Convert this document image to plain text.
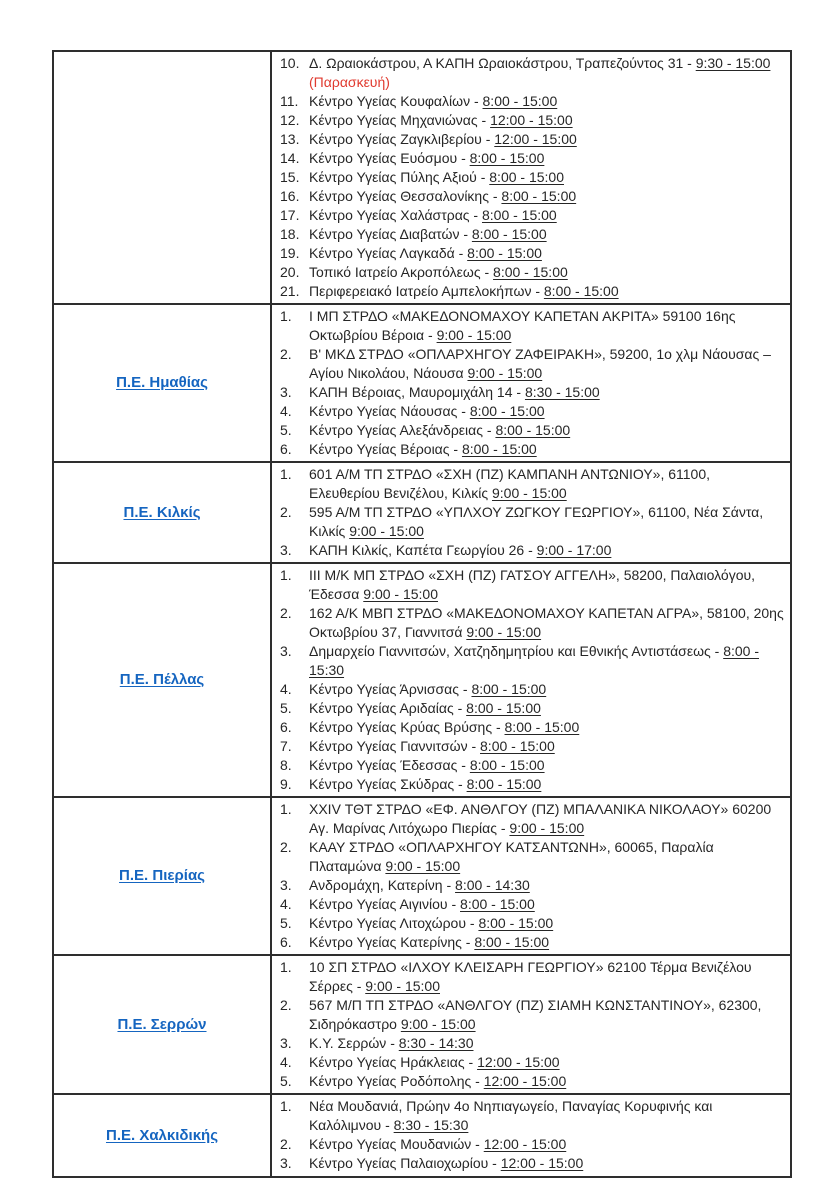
10. Δ. Ωραιοκάστρου, Α ΚΑΠΗ Ωραιοκάστρου, Τραπεζούντος 31 - 9:30 - 15:00
(Παρασκευή)
11. Κέντρο Υγείας Κουφαλίων - 8:00 - 15:00
12. Κέντρο Υγείας Μηχανιώνας - 12:00 - 15:00
13. Κέντρο Υγείας Ζαγκλιβερίου - 12:00 - 15:00
14. Κέντρο Υγείας Ευόσμου - 8:00 - 15:00
15. Κέντρο Υγείας Πύλης Αξιού - 8:00 - 15:00
16. Κέντρο Υγείας Θεσσαλονίκης - 8:00 - 15:00
17. Κέντρο Υγείας Χαλάστρας - 8:00 - 15:00
18. Κέντρο Υγείας Διαβατών - 8:00 - 15:00
19. Κέντρο Υγείας Λαγκαδά - 8:00 - 15:00
20. Τοπικό Ιατρείο Ακροπόλεως - 8:00 - 15:00
21. Περιφερειακό Ιατρείο Αμπελοκήπων - 8:00 - 15:00

Π.Ε. Ημαθίας	
1.	Ι ΜΠ ΣΤΡΔΟ «ΜΑΚΕΔΟΝΟΜΑΧΟΥ ΚΑΠΕΤΑΝ ΑΚΡΙΤΑ» 59100 16ης Οκτωβρίου Βέροια - 9:00 - 15:00
2.	Β' ΜΚΔ ΣΤΡΔΟ «ΟΠΛΑΡΧΗΓΟΥ ΖΑΦΕΙΡΑΚΗ», 59200, 1ο χλμ Νάουσας – Αγίου Νικολάου, Νάουσα 9:00 - 15:00
3.	ΚΑΠΗ Βέροιας, Μαυρομιχάλη 14 - 8:30 - 15:00
4.	Κέντρο Υγείας Νάουσας - 8:00 - 15:00
5.	Κέντρο Υγείας Αλεξάνδρειας - 8:00 - 15:00
6.	Κέντρο Υγείας Βέροιας - 8:00 - 15:00

Π.Ε. Κιλκίς	
1.	601 Α/Μ ΤΠ ΣΤΡΔΟ «ΣΧΗ (ΠΖ) ΚΑΜΠΑΝΗ ΑΝΤΩΝΙΟΥ», 61100, Ελευθερίου Βενιζέλου, Κιλκίς 9:00 - 15:00
2.	595 Α/Μ ΤΠ ΣΤΡΔΟ «ΥΠΛΧΟΥ ΖΩΓΚΟΥ ΓΕΩΡΓΙΟΥ», 61100, Νέα Σάντα, Κιλκίς 9:00 - 15:00
3.	ΚΑΠΗ Κιλκίς, Καπέτα Γεωργίου 26 - 9:00 - 17:00

Π.Ε. Πέλλας	
1.	ΙΙΙ Μ/Κ ΜΠ ΣΤΡΔΟ «ΣΧΗ (ΠΖ) ΓΑΤΣΟΥ ΑΓΓΕΛΗ», 58200, Παλαιολόγου, Έδεσσα 9:00 - 15:00
2.	162 Α/Κ ΜΒΠ ΣΤΡΔΟ «ΜΑΚΕΔΟΝΟΜΑΧΟΥ ΚΑΠΕΤΑΝ ΑΓΡΑ», 58100, 20ης Οκτωβρίου 37, Γιαννιτσά 9:00 - 15:00
3.	Δημαρχείο Γιαννιτσών, Χατζηδημητρίου και Εθνικής Αντιστάσεως - 8:00 - 15:30
4.	Κέντρο Υγείας Άρνισσας - 8:00 - 15:00
5.	Κέντρο Υγείας Αριδαίας - 8:00 - 15:00
6.	Κέντρο Υγείας Κρύας Βρύσης - 8:00 - 15:00
7.	Κέντρο Υγείας Γιαννιτσών - 8:00 - 15:00
8.	Κέντρο Υγείας Έδεσσας - 8:00 - 15:00
9.	Κέντρο Υγείας Σκύδρας - 8:00 - 15:00

Π.Ε. Πιερίας	
1.	XXIV ΤΘΤ ΣΤΡΔΟ «ΕΦ. ΑΝΘΛΓΟΥ (ΠΖ) ΜΠΑΛΑΝΙΚΑ ΝΙΚΟΛΑΟΥ» 60200 Αγ. Μαρίνας Λιτόχωρο Πιερίας - 9:00 - 15:00
2.	ΚΑΑΥ ΣΤΡΔΟ «ΟΠΛΑΡΧΗΓΟΥ ΚΑΤΣΑΝΤΩΝΗ», 60065, Παραλία Πλαταμώνα 9:00 - 15:00
3.	Ανδρομάχη, Κατερίνη - 8:00 - 14:30
4.	Κέντρο Υγείας Αιγινίου - 8:00 - 15:00
5.	Κέντρο Υγείας Λιτοχώρου - 8:00 - 15:00
6.	Κέντρο Υγείας Κατερίνης - 8:00 - 15:00

Π.Ε. Σερρών	
1.	10 ΣΠ ΣΤΡΔΟ «ΙΛΧΟΥ ΚΛΕΙΣΑΡΗ ΓΕΩΡΓΙΟΥ» 62100 Τέρμα Βενιζέλου Σέρρες - 9:00 - 15:00
2.	567 Μ/Π ΤΠ ΣΤΡΔΟ «ΑΝΘΛΓΟΥ (ΠΖ) ΣΙΑΜΗ ΚΩΝΣΤΑΝΤΙΝΟΥ», 62300, Σιδηρόκαστρο 9:00 - 15:00
3.	Κ.Υ. Σερρών - 8:30 - 14:30
4.	Κέντρο Υγείας Ηράκλειας - 12:00 - 15:00
5.	Κέντρο Υγείας Ροδόπολης - 12:00 - 15:00

Π.Ε. Χαλκιδικής	
1.	Νέα Μουδανιά, Πρώην 4ο Νηπιαγωγείο, Παναγίας Κορυφινής και Καλόλιμνου - 8:30 - 15:30
2.	Κέντρο Υγείας Μουδανιών - 12:00 - 15:00
3.	Κέντρο Υγείας Παλαιοχωρίου - 12:00 - 15:00
